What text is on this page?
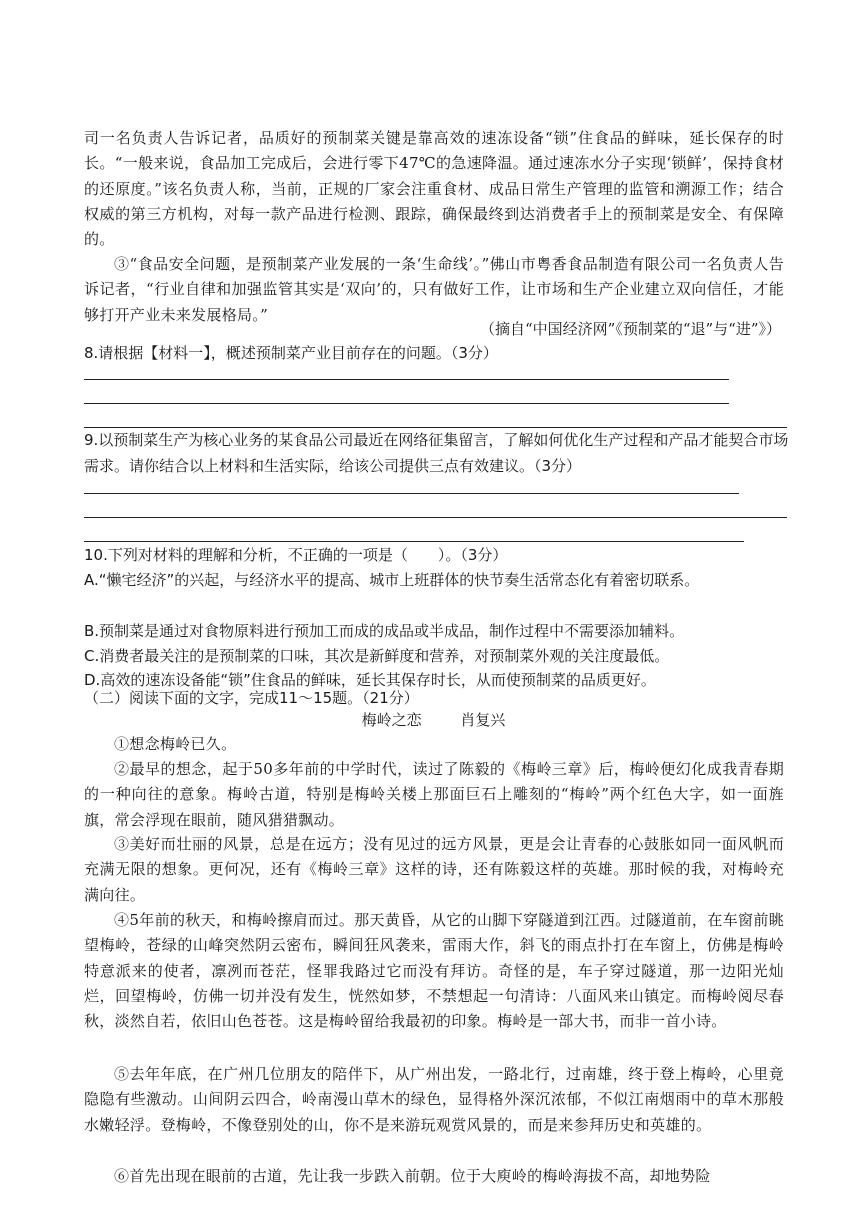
司一名负责人告诉记者，品质好的预制菜关键是靠高效的速冻设备“锁”住食品的鲜味，延长保存的时长。“一般来说，食品加工完成后，会进行零下47℃的急速降温。通过速冻水分子实现‘锁鲜’，保持食材的还原度。”该名负责人称，当前，正规的厂家会注重食材、成品日常生产管理的监管和溯源工作；结合权威的第三方机构，对每一款产品进行检测、跟踪，确保最终到达消费者手上的预制菜是安全、有保障的。

③“食品安全问题，是预制菜产业发展的一条‘生命线’。”佛山市粤香食品制造有限公司一名负责人告诉记者，“行业自律和加强监管其实是‘双向’的，只有做好工作，让市场和生产企业建立双向信任，才能够打开产业未来发展格局。”

（摘自“中国经济网”《预制菜的“退”与“进”》）

8.请根据【材料一】，概述预制菜产业目前存在的问题。（3分）

9.以预制菜生产为核心业务的某食品公司最近在网络征集留言，了解如何优化生产过程和产品才能契合市场需求。请你结合以上材料和生活实际，给该公司提供三点有效建议。（3分）

10.下列对材料的理解和分析，不正确的一项是（　　）。（3分）

A.“懒宅经济”的兴起，与经济水平的提高、城市上班群体的快节奏生活常态化有着密切联系。

B.预制菜是通过对食物原料进行预加工而成的成品或半成品，制作过程中不需要添加辅料。

C.消费者最关注的是预制菜的口味，其次是新鲜度和营养，对预制菜外观的关注度最低。

D.高效的速冻设备能“锁”住食品的鲜味，延长其保存时长，从而使预制菜的品质更好。

（二）阅读下面的文字，完成11～15题。（21分）

梅岭之恋	肖复兴

①想念梅岭已久。

②最早的想念，起于50多年前的中学时代，读过了陈毅的《梅岭三章》后，梅岭便幻化成我青春期的一种向往的意象。梅岭古道，特别是梅岭关楼上那面巨石上雕刻的“梅岭”两个红色大字，如一面旌旗，常会浮现在眼前，随风猎猎飘动。

③美好而壮丽的风景，总是在远方；没有见过的远方风景，更是会让青春的心鼓胀如同一面风帆而充满无限的想象。更何况，还有《梅岭三章》这样的诗，还有陈毅这样的英雄。那时候的我，对梅岭充满向往。

④5年前的秋天，和梅岭擦肩而过。那天黄昏，从它的山脚下穿隧道到江西。过隧道前，在车窗前眺望梅岭，苍绿的山峰突然阴云密布，瞬间狂风袭来，雷雨大作，斜飞的雨点扑打在车窗上，仿佛是梅岭特意派来的使者，凛冽而苍茫，怪罪我路过它而没有拜访。奇怪的是，车子穿过隧道，那一边阳光灿烂，回望梅岭，仿佛一切并没有发生，恍然如梦，不禁想起一句清诗：八面风来山镇定。而梅岭阅尽春秋，淡然自若，依旧山色苍苍。这是梅岭留给我最初的印象。梅岭是一部大书，而非一首小诗。

⑤去年年底，在广州几位朋友的陪伴下，从广州出发，一路北行，过南雄，终于登上梅岭，心里竟隐隐有些激动。山间阴云四合，岭南漫山草木的绿色，显得格外深沉浓郁，不似江南烟雨中的草木那般水嫩轻浮。登梅岭，不像登别处的山，你不是来游玩观赏风景的，而是来参拜历史和英雄的。

⑥首先出现在眼前的古道，先让我一步跌入前朝。位于大庾岭的梅岭海拔不高，却地势险
